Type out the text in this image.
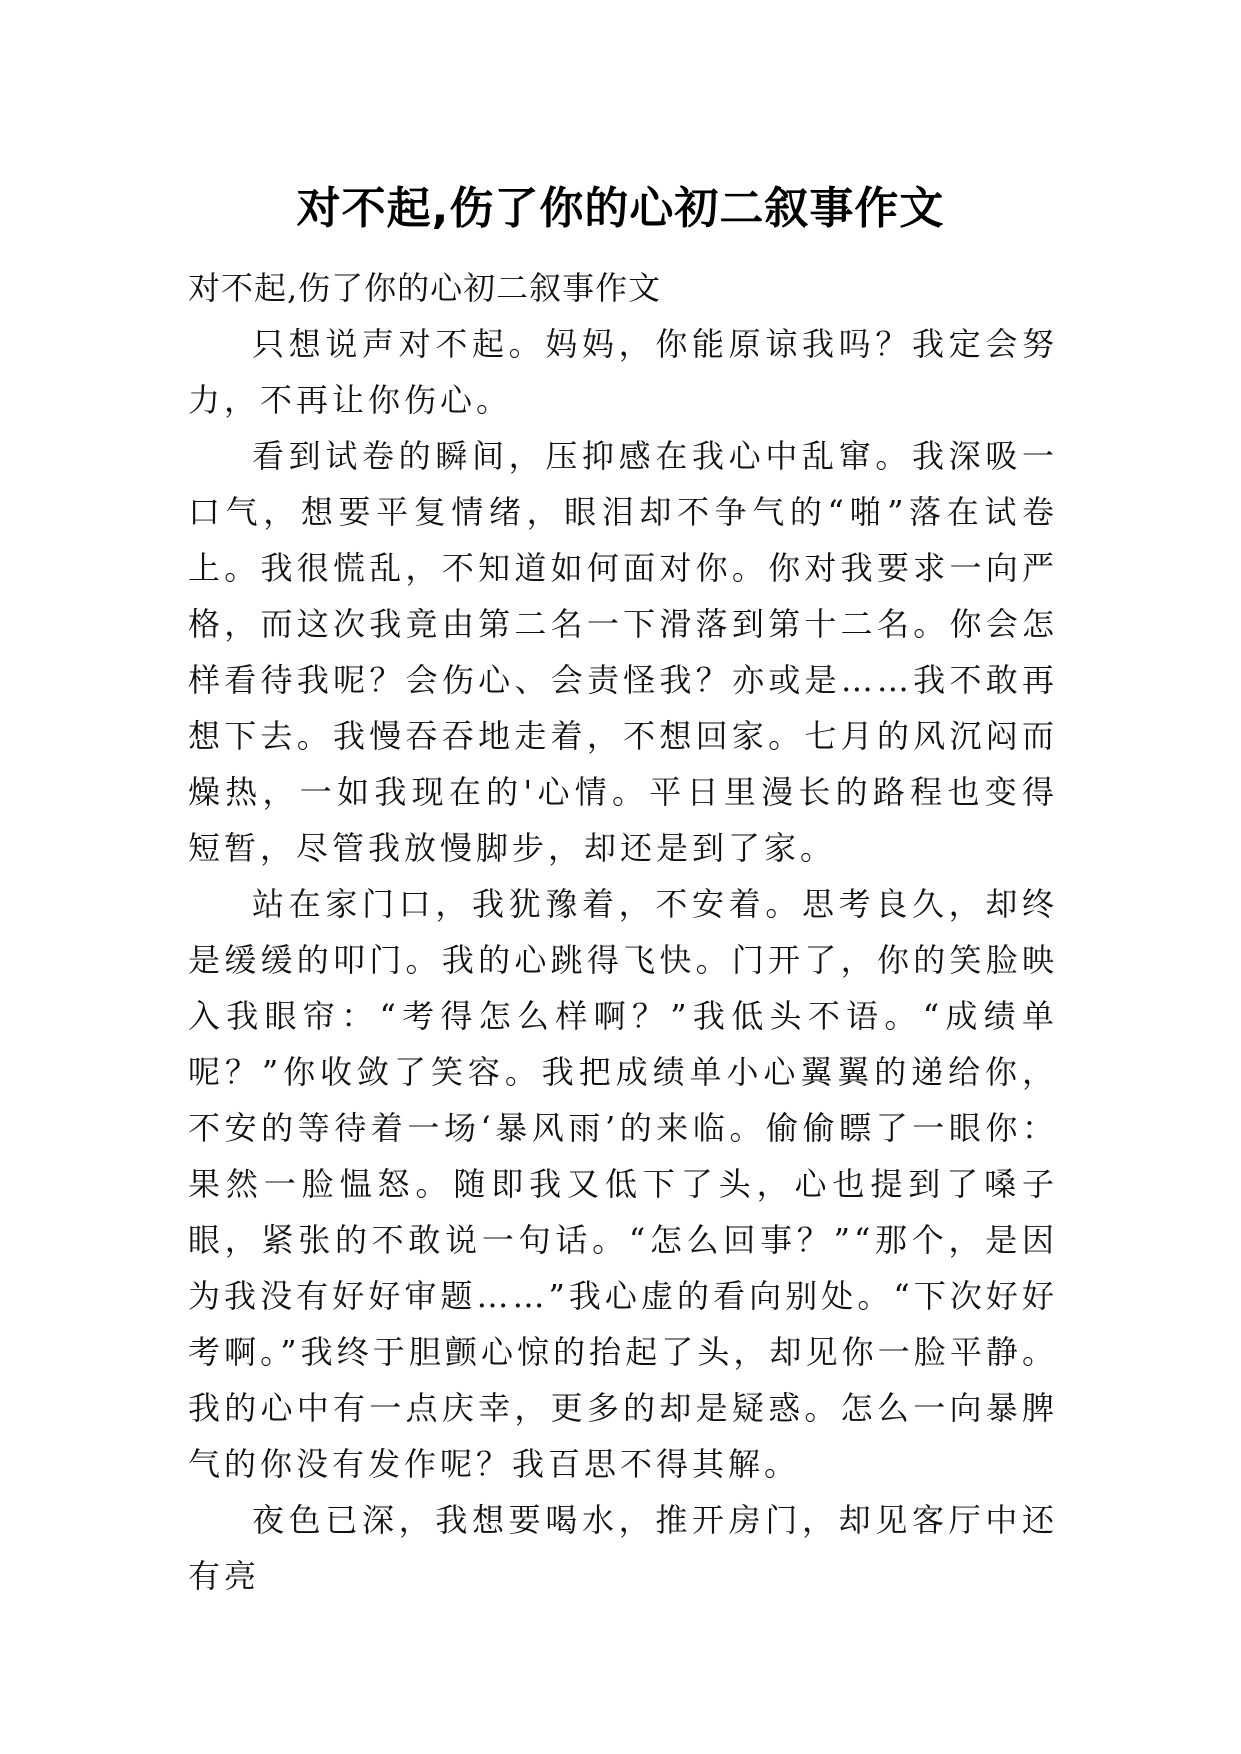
对不起,伤了你的心初二叙事作文

对不起,伤了你的心初二叙事作文

只想说声对不起。妈妈，你能原谅我吗？我定会努力，不再让你伤心。

看到试卷的瞬间，压抑感在我心中乱窜。我深吸一口气，想要平复情绪，眼泪却不争气的“啪”落在试卷上。我很慌乱，不知道如何面对你。你对我要求一向严格，而这次我竟由第二名一下滑落到第十二名。你会怎样看待我呢？会伤心、会责怪我？亦或是……我不敢再想下去。我慢吞吞地走着，不想回家。七月的风沉闷而燥热，一如我现在的'心情。平日里漫长的路程也变得短暂，尽管我放慢脚步，却还是到了家。

站在家门口，我犹豫着，不安着。思考良久，却终是缓缓的叩门。我的心跳得飞快。门开了，你的笑脸映入我眼帘：“考得怎么样啊？”我低头不语。“成绩单呢？”你收敛了笑容。我把成绩单小心翼翼的递给你，不安的等待着一场‘暴风雨’的来临。偷偷瞟了一眼你：果然一脸愠怒。随即我又低下了头，心也提到了嗓子眼，紧张的不敢说一句话。“怎么回事？”“那个，是因为我没有好好审题……”我心虚的看向别处。“下次好好考啊。”我终于胆颤心惊的抬起了头，却见你一脸平静。我的心中有一点庆幸，更多的却是疑惑。怎么一向暴脾气的你没有发作呢？我百思不得其解。

夜色已深，我想要喝水，推开房门，却见客厅中还有亮
